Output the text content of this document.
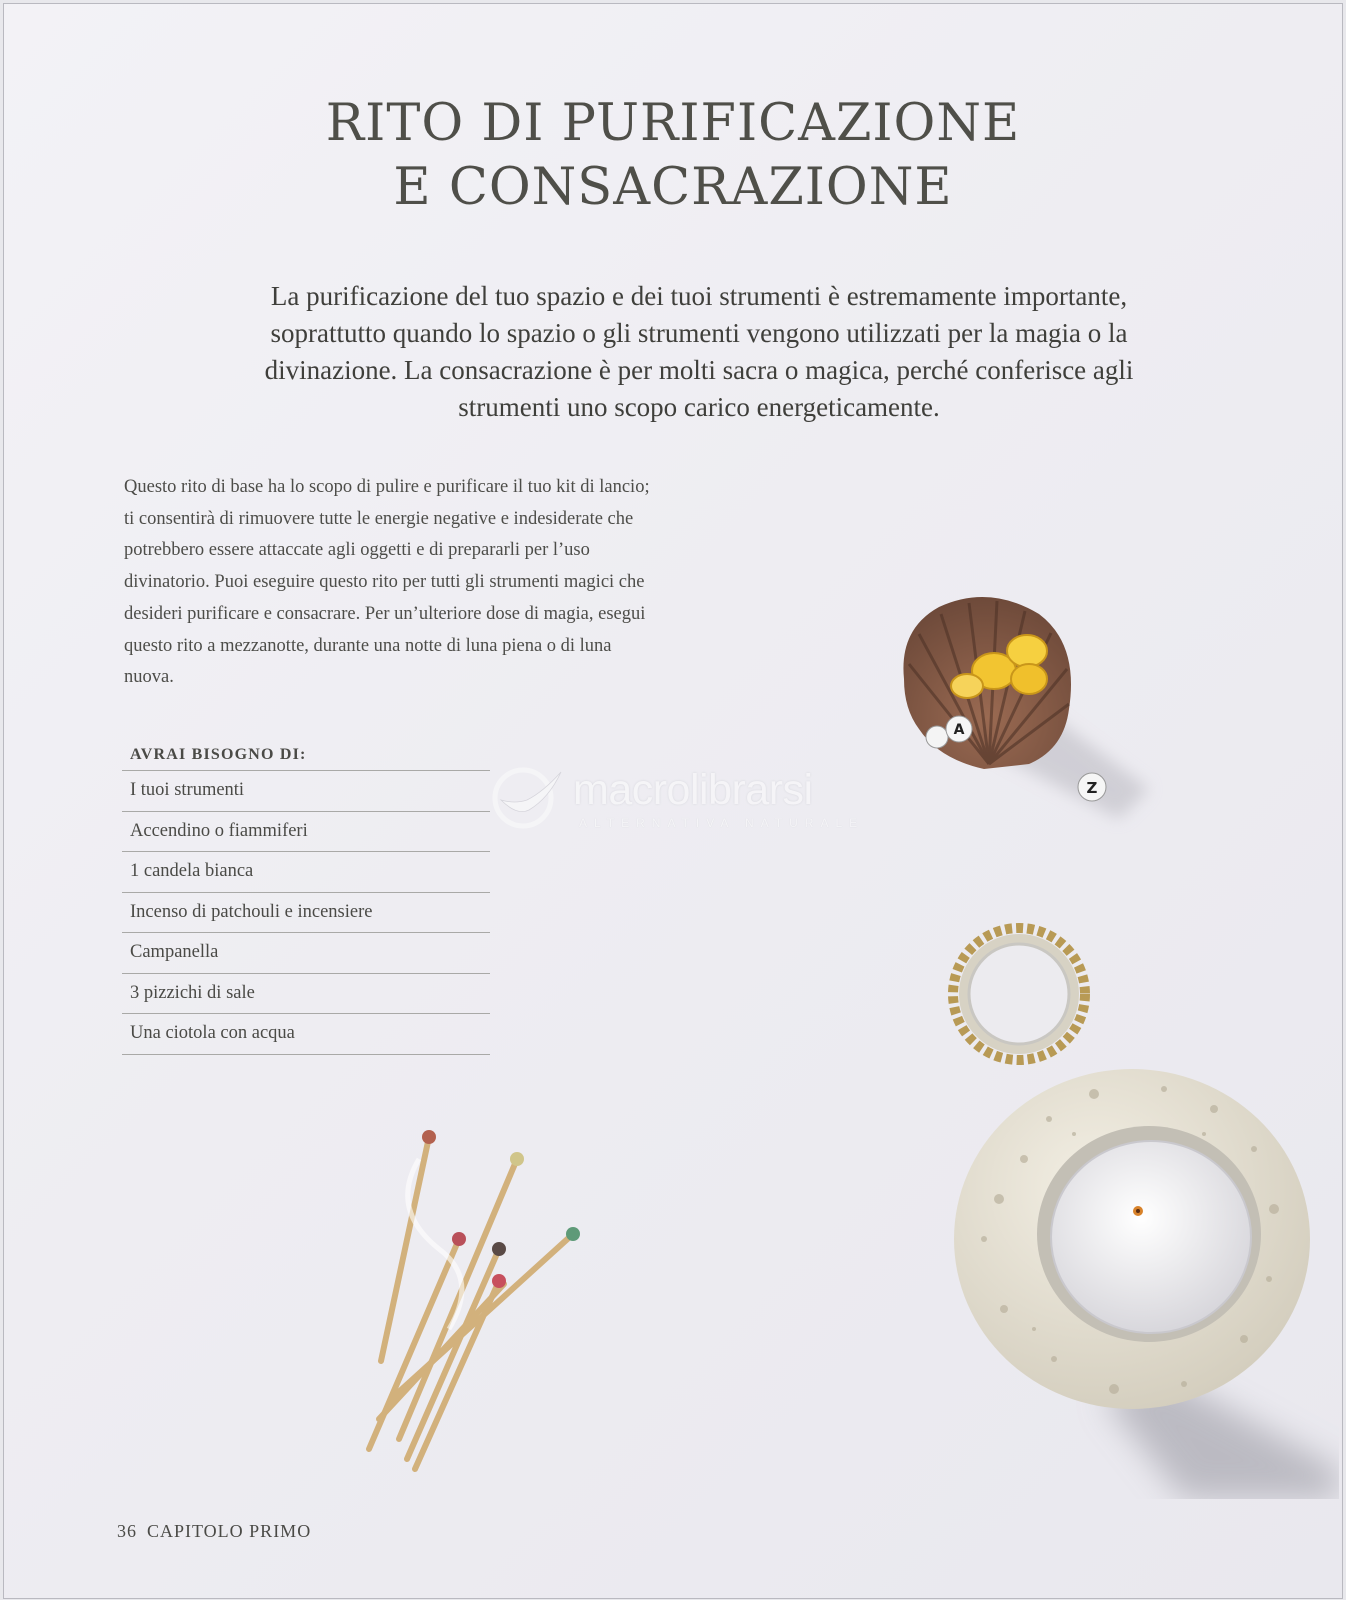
RITO DI PURIFICAZIONE
E CONSACRAZIONE

La purificazione del tuo spazio e dei tuoi strumenti è estremamente importante, soprattutto quando lo spazio o gli strumenti vengono utilizzati per la magia o la divinazione. La consacrazione è per molti sacra o magica, perché conferisce agli strumenti uno scopo carico energeticamente.

Questo rito di base ha lo scopo di pulire e purificare il tuo kit di lancio; ti consentirà di rimuovere tutte le energie negative e indesiderate che potrebbero essere attaccate agli oggetti e di prepararli per l’uso divinatorio. Puoi eseguire questo rito per tutti gli strumenti magici che desideri purificare e consacrare. Per un’ulteriore dose di magia, esegui questo rito a mezzanotte, durante una notte di luna piena o di luna nuova.

AVRAI BISOGNO DI:
I tuoi strumenti
Accendino o fiammiferi
1 candela bianca
Incenso di patchouli e incensiere
Campanella
3 pizzichi di sale
Una ciotola con acqua
macrolibrarsi
ALTERNATIVA NATURALE
A
Z
36 CAPITOLO PRIMO
